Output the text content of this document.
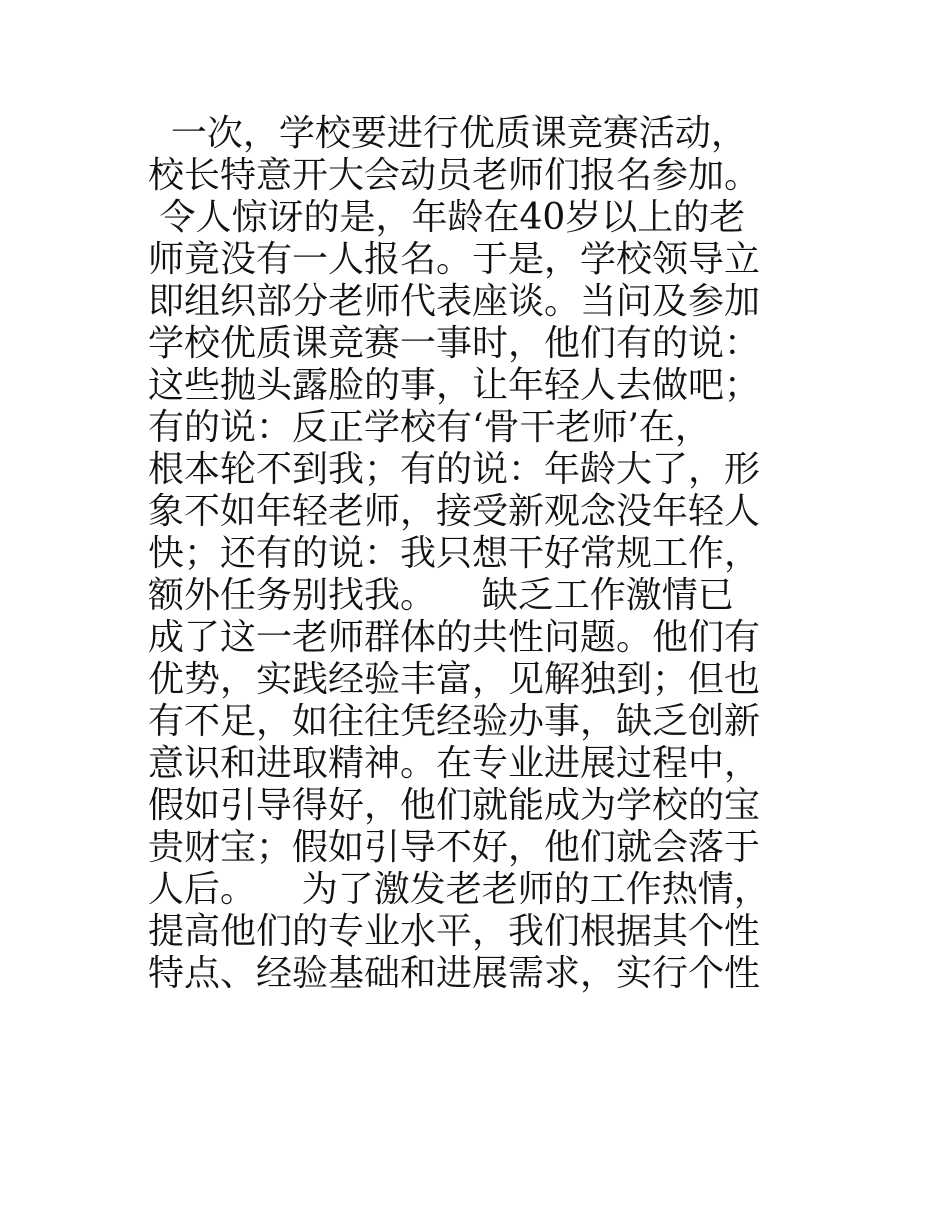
一次，学校要进行优质课竞赛活动，
校长特意开大会动员老师们报名参加。
令人惊讶的是，年龄在40岁以上的老
师竟没有一人报名。于是，学校领导立
即组织部分老师代表座谈。当问及参加
学校优质课竞赛一事时，他们有的说：
这些抛头露脸的事，让年轻人去做吧；
有的说：反正学校有‘骨干老师’在，
根本轮不到我；有的说：年龄大了，形
象不如年轻老师，接受新观念没年轻人
快；还有的说：我只想干好常规工作，
额外任务别找我。    缺乏工作激情已
成了这一老师群体的共性问题。他们有
优势，实践经验丰富，见解独到；但也
有不足，如往往凭经验办事，缺乏创新
意识和进取精神。在专业进展过程中，
假如引导得好，他们就能成为学校的宝
贵财宝；假如引导不好，他们就会落于
人后。    为了激发老老师的工作热情，
提高他们的专业水平，我们根据其个性
特点、经验基础和进展需求，实行个性
